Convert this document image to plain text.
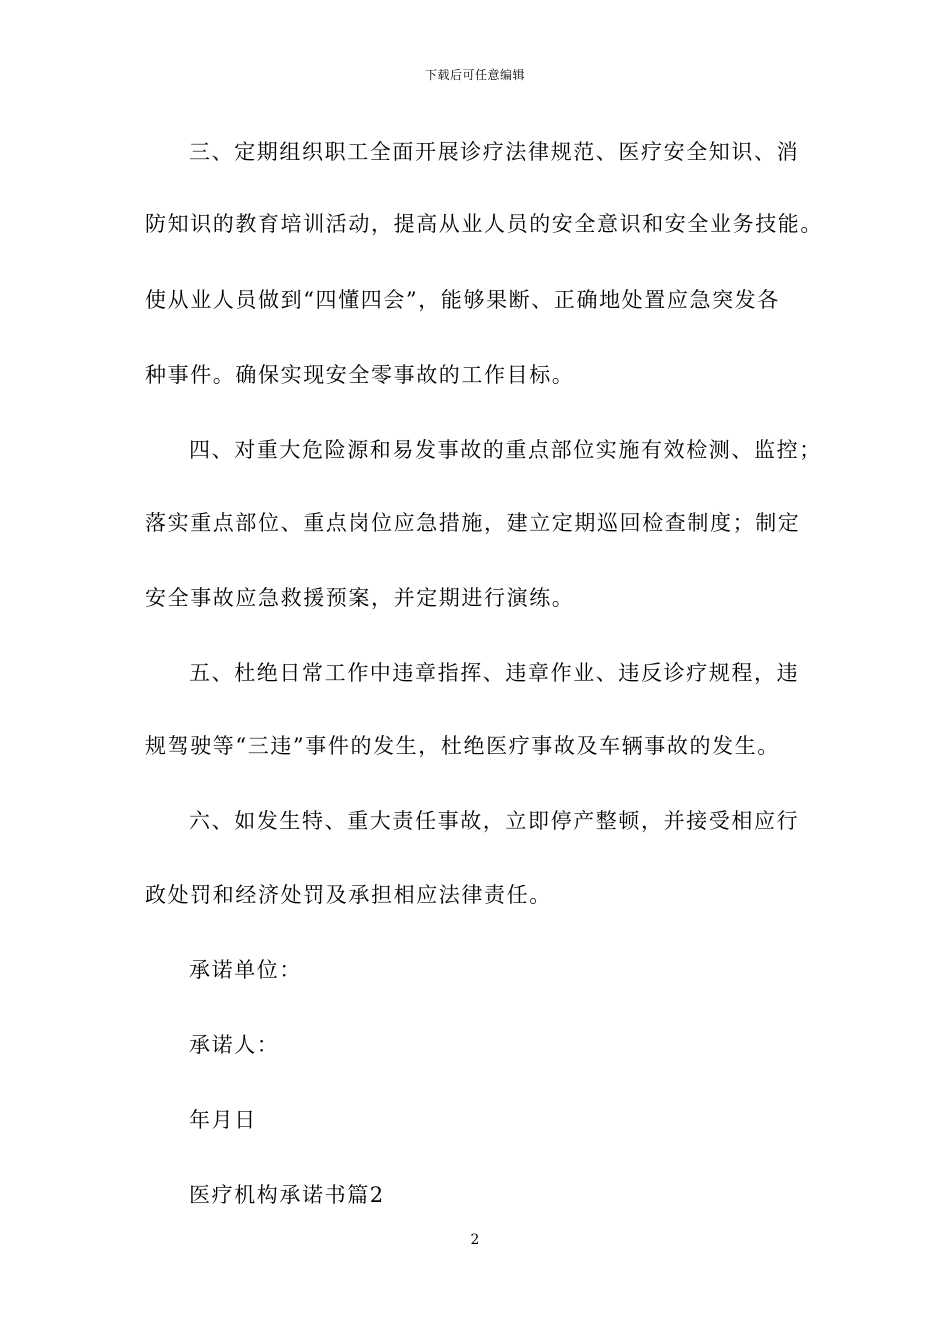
下载后可任意编辑
三、定期组织职工全面开展诊疗法律规范、医疗安全知识、消
防知识的教育培训活动，提高从业人员的安全意识和安全业务技能。
使从业人员做到“四懂四会”，能够果断、正确地处置应急突发各
种事件。确保实现安全零事故的工作目标。
四、对重大危险源和易发事故的重点部位实施有效检测、监控；
落实重点部位、重点岗位应急措施，建立定期巡回检查制度；制定
安全事故应急救援预案，并定期进行演练。
五、杜绝日常工作中违章指挥、违章作业、违反诊疗规程，违
规驾驶等“三违”事件的发生，杜绝医疗事故及车辆事故的发生。
六、如发生特、重大责任事故，立即停产整顿，并接受相应行
政处罚和经济处罚及承担相应法律责任。
承诺单位：
承诺人：
年月日
医疗机构承诺书篇2
2
